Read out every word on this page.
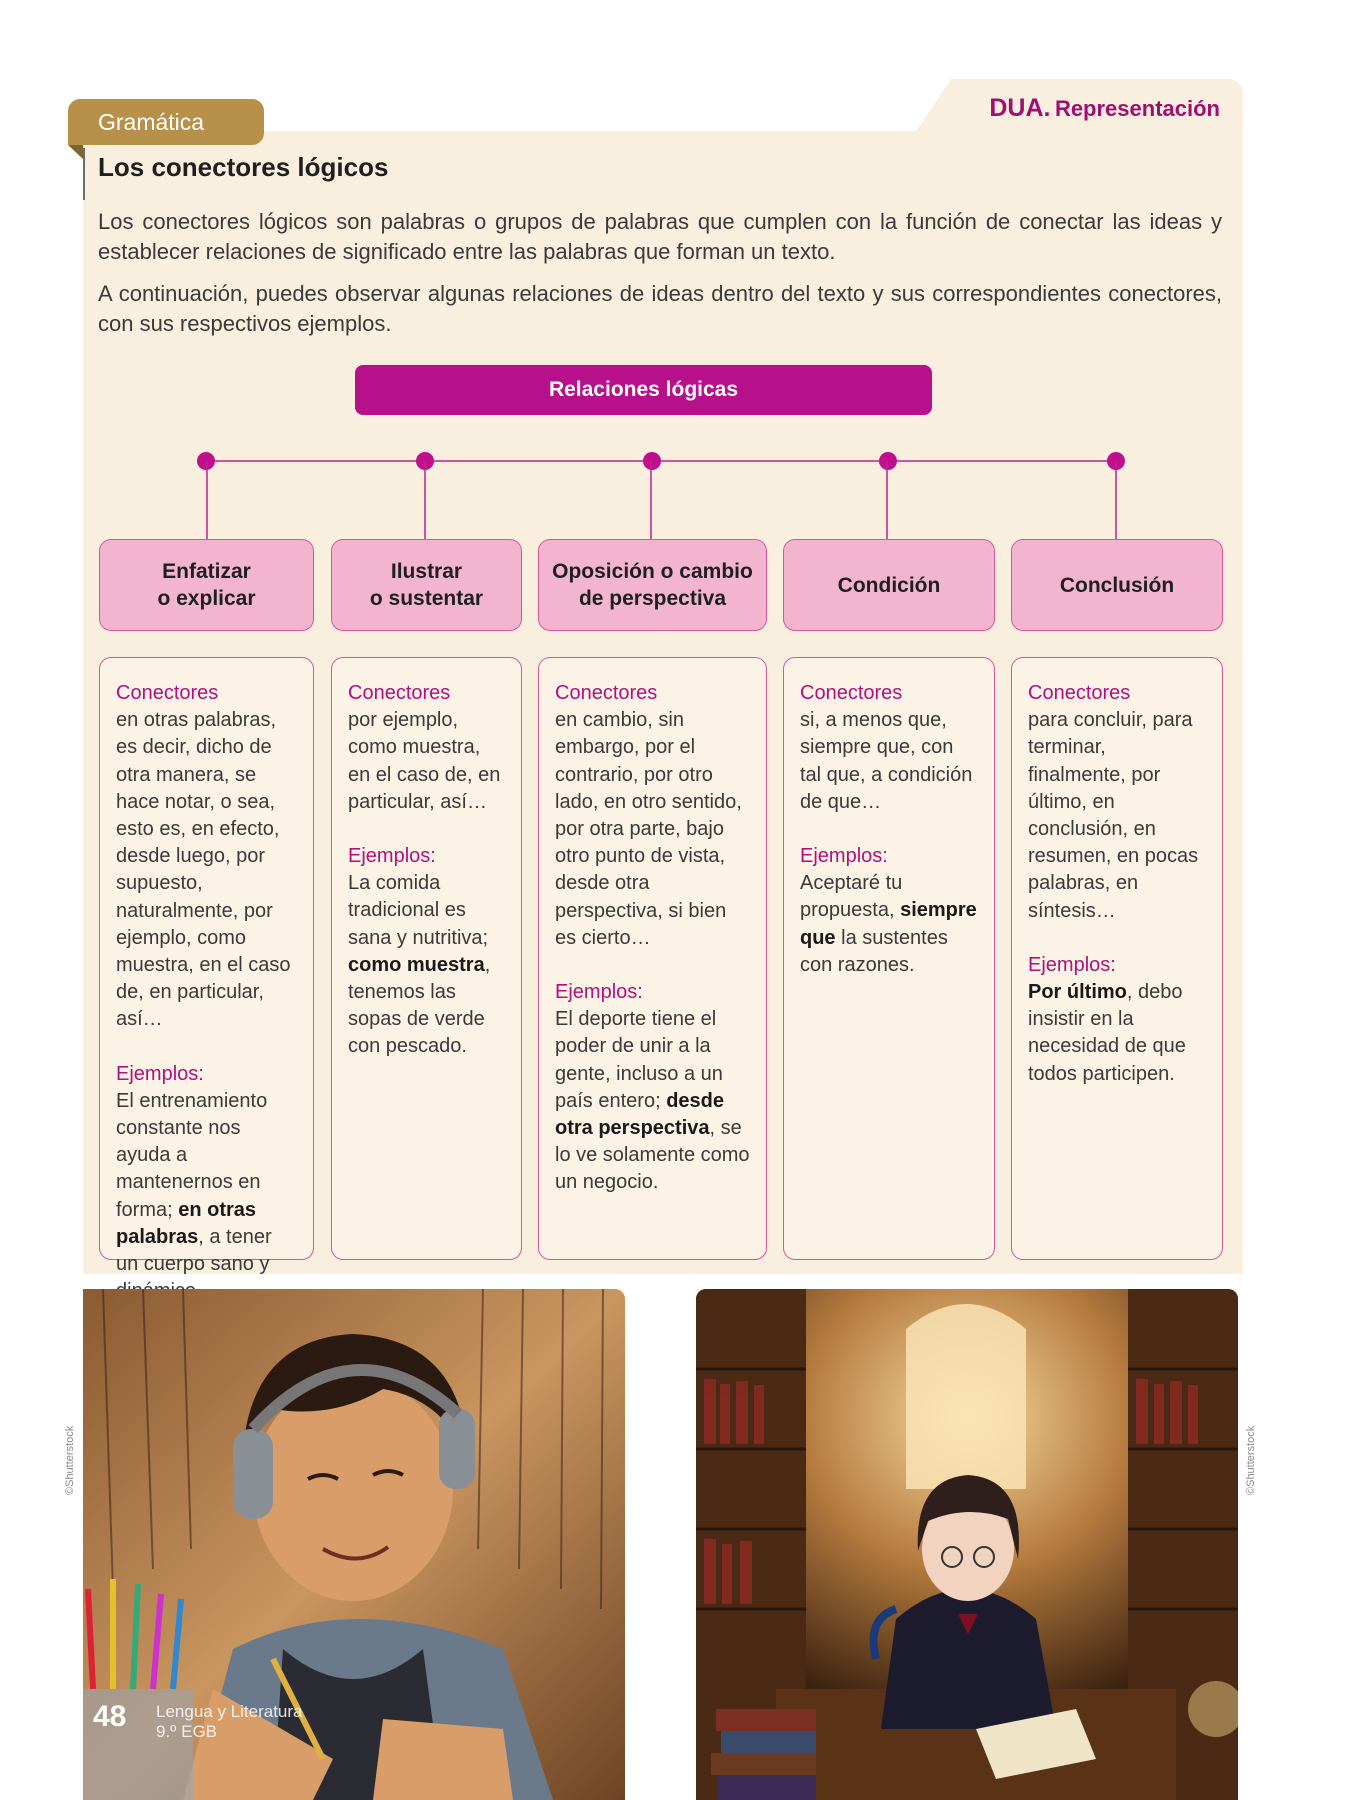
DUA. Representación
Gramática
Los conectores lógicos
Los conectores lógicos son palabras o grupos de palabras que cumplen con la función de conectar las ideas y establecer relaciones de significado entre las palabras que forman un texto.
A continuación, puedes observar algunas relaciones de ideas dentro del texto y sus correspondientes conectores, con sus respectivos ejemplos.
Relaciones lógicas
Enfatizar
o explicar
Ilustrar
o sustentar
Oposición o cambio
de perspectiva
Condición	Conclusión
Conectores
en otras palabras, es decir, dicho de otra manera, se hace notar, o sea, esto es, en efecto, desde luego, por supuesto, naturalmente, por ejemplo, como muestra, en el caso de, en particular, así…
Ejemplos:
El entrenamiento constante nos ayuda a mantenernos en forma; en otras palabras, a tener un cuerpo sano y
Conectores
por ejemplo, como muestra, en el caso de, en particular, así…
Ejemplos:
La comida tradicional es sana y nutritiva; como muestra, tenemos las sopas de verde con pescado.
Conectores
en cambio, sin embargo, por el contrario, por otro lado, en otro sentido, por otra parte, bajo otro punto de vista, desde otra perspectiva, si bien es cierto…
Ejemplos:
El deporte tiene el poder de unir a la gente, incluso a un país entero; desde otra perspectiva, se lo ve solamente como un negocio.
Conectores
si, a menos que, siempre que, con tal que, a condición de que…
Ejemplos:
Aceptaré tu propuesta, siempre que la sustentes con razones.
Conectores
para concluir, para terminar, finalmente, por último, en conclusión, en resumen, en pocas palabras, en síntesis…
Ejemplos:
Por último, debo insistir en la necesidad de que todos participen.
©Shutterstock	©Shutterstock
48 Lengua y Literatura
9.º EGB
